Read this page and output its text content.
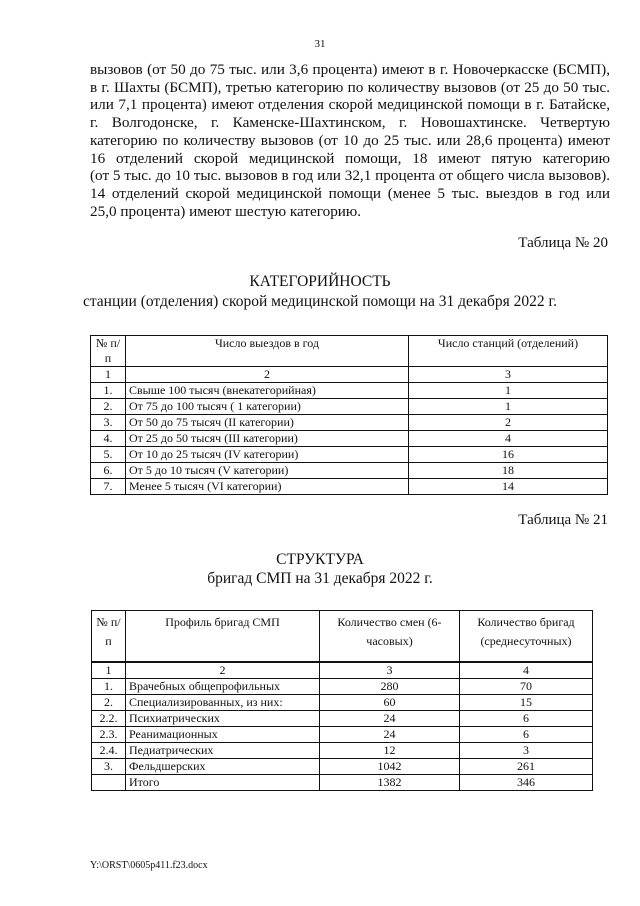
31
вызовов (от 50 до 75 тыс. или 3,6 процента) имеют в г. Новочеркасске (БСМП),
в г. Шахты (БСМП), третью категорию по количеству вызовов (от 25 до 50 тыс.
или 7,1 процента) имеют отделения скорой медицинской помощи в г. Батайске,
г. Волгодонске, г. Каменске-Шахтинском, г. Новошахтинске. Четвертую
категорию по количеству вызовов (от 10 до 25 тыс. или 28,6 процента) имеют
16 отделений скорой медицинской помощи, 18 имеют пятую категорию
(от 5 тыс. до 10 тыс. вызовов в год или 32,1 процента от общего числа вызовов).
14 отделений скорой медицинской помощи (менее 5 тыс. выездов в год или
25,0 процента) имеют шестую категорию.
Таблица № 20
КАТЕГОРИЙНОСТЬ
станции (отделения) скорой медицинской помощи на 31 декабря 2022 г.
№ п/п	Число выездов в год	Число станций (отделений)
1	2	3
1.	Свыше 100 тысяч (внекатегорийная)	1
2.	От 75 до 100 тысяч ( 1 категории)	1
3.	От 50 до 75 тысяч (II категории)	2
4.	От 25 до 50 тысяч (III категории)	4
5.	От 10 до 25 тысяч (IV категории)	16
6.	От 5 до 10 тысяч (V категории)	18
7.	Менее 5 тысяч (VI категории)	14
Таблица № 21
СТРУКТУРА
бригад СМП на 31 декабря 2022 г.
№ п/п	Профиль бригад СМП	Количество смен (6-часовых)	Количество бригад (среднесуточных)
1	2	3	4
1.	Врачебных общепрофильных	280	70
2.	Специализированных, из них:	60	15
2.2.	Психиатрических	24	6
2.3.	Реанимационных	24	6
2.4.	Педиатрических	12	3
3.	Фельдшерских	1042	261
	Итого	1382	346
Y:\ORST\0605p411.f23.docx
